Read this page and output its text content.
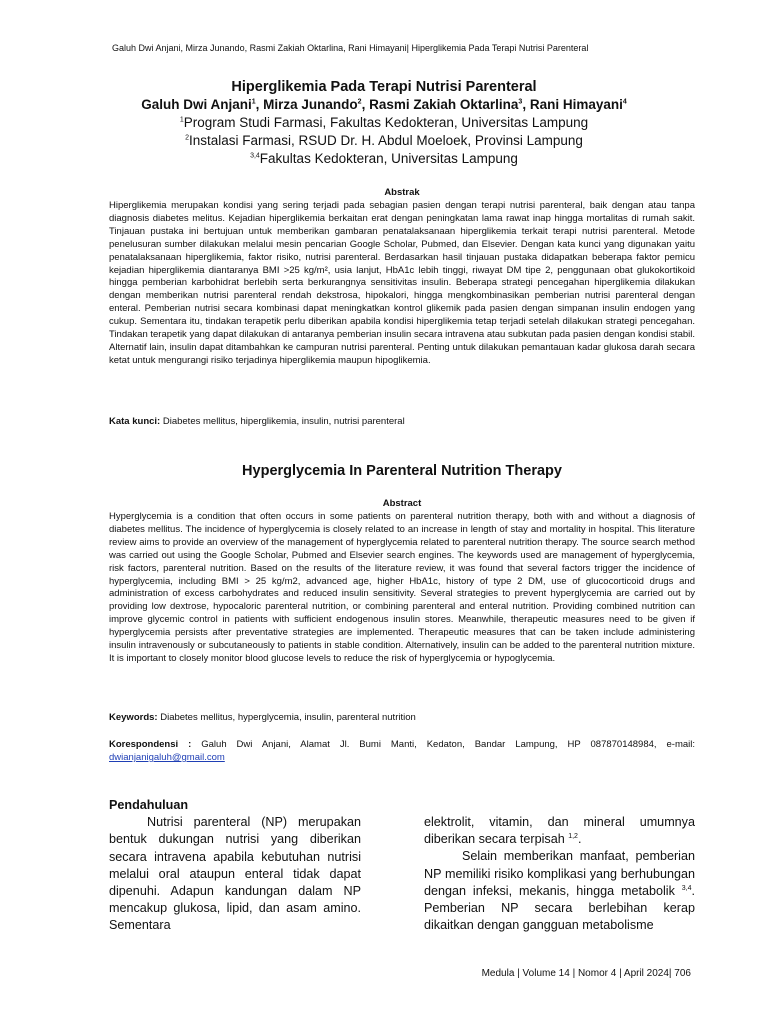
Galuh Dwi Anjani, Mirza Junando, Rasmi Zakiah Oktarlina, Rani Himayani| Hiperglikemia Pada Terapi Nutrisi Parenteral
Hiperglikemia Pada Terapi Nutrisi Parenteral
Galuh Dwi Anjani$^1$, Mirza Junando$^2$, Rasmi Zakiah Oktarlina$^3$, Rani Himayani$^4$
$^1$Program Studi Farmasi, Fakultas Kedokteran, Universitas Lampung
$^2$Instalasi Farmasi, RSUD Dr. H. Abdul Moeloek, Provinsi Lampung
$^{3,4}$Fakultas Kedokteran, Universitas Lampung
Abstrak

Hiperglikemia merupakan kondisi yang sering terjadi pada sebagian pasien dengan terapi nutrisi parenteral, baik dengan atau tanpa diagnosis diabetes melitus. Kejadian hiperglikemia berkaitan erat dengan peningkatan lama rawat inap hingga mortalitas di rumah sakit. Tinjauan pustaka ini bertujuan untuk memberikan gambaran penatalaksanaan hiperglikemia terkait terapi nutrisi parenteral. Metode penelusuran sumber dilakukan melalui mesin pencarian Google Scholar, Pubmed, dan Elsevier. Dengan kata kunci yang digunakan yaitu penatalaksanaan hiperglikemia, faktor risiko, nutrisi parenteral. Berdasarkan hasil tinjauan pustaka didapatkan beberapa faktor pemicu kejadian hiperglikemia diantaranya BMI >25 kg/m², usia lanjut, HbA1c lebih tinggi, riwayat DM tipe 2, penggunaan obat glukokortikoid hingga pemberian karbohidrat berlebih serta berkurangnya sensitivitas insulin. Beberapa strategi pencegahan hiperglikemia dilakukan dengan memberikan nutrisi parenteral rendah dekstrosa, hipokalori, hingga mengkombinasikan pemberian nutrisi parenteral dengan enteral. Pemberian nutrisi secara kombinasi dapat meningkatkan kontrol glikemik pada pasien dengan simpanan insulin endogen yang cukup. Sementara itu, tindakan terapetik perlu diberikan apabila kondisi hiperglikemia tetap terjadi setelah dilakukan strategi pencegahan. Tindakan terapetik yang dapat dilakukan di antaranya pemberian insulin secara intravena atau subkutan pada pasien dengan kondisi stabil. Alternatif lain, insulin dapat ditambahkan ke campuran nutrisi parenteral. Penting untuk dilakukan pemantauan kadar glukosa darah secara ketat untuk mengurangi risiko terjadinya hiperglikemia maupun hipoglikemia.

Kata kunci: Diabetes mellitus, hiperglikemia, insulin, nutrisi parenteral
Hyperglycemia In Parenteral Nutrition Therapy
Abstract

Hyperglycemia is a condition that often occurs in some patients on parenteral nutrition therapy, both with and without a diagnosis of diabetes mellitus. The incidence of hyperglycemia is closely related to an increase in length of stay and mortality in hospital. This literature review aims to provide an overview of the management of hyperglycemia related to parenteral nutrition therapy. The source search method was carried out using the Google Scholar, Pubmed and Elsevier search engines. The keywords used are management of hyperglycemia, risk factors, parenteral nutrition. Based on the results of the literature review, it was found that several factors trigger the incidence of hyperglycemia, including BMI > 25 kg/m2, advanced age, higher HbA1c, history of type 2 DM, use of glucocorticoid drugs and administration of excess carbohydrates and reduced insulin sensitivity. Several strategies to prevent hyperglycemia are carried out by providing low dextrose, hypocaloric parenteral nutrition, or combining parenteral and enteral nutrition. Providing combined nutrition can improve glycemic control in patients with sufficient endogenous insulin stores. Meanwhile, therapeutic measures need to be given if hyperglycemia persists after preventative strategies are implemented. Therapeutic measures that can be taken include administering insulin intravenously or subcutaneously to patients in stable condition. Alternatively, insulin can be added to the parenteral nutrition mixture. It is important to closely monitor blood glucose levels to reduce the risk of hyperglycemia or hypoglycemia.

Keywords: Diabetes mellitus, hyperglycemia, insulin, parenteral nutrition
Korespondensi : Galuh Dwi Anjani, Alamat Jl. Bumi Manti, Kedaton, Bandar Lampung, HP 087870148984, e-mail: dwianjanigaluh@gmail.com
Pendahuluan

Nutrisi parenteral (NP) merupakan bentuk dukungan nutrisi yang diberikan secara intravena apabila kebutuhan nutrisi melalui oral ataupun enteral tidak dapat dipenuhi. Adapun kandungan dalam NP mencakup glukosa, lipid, dan asam amino. Sementara

elektrolit, vitamin, dan mineral umumnya diberikan secara terpisah $^{1,2}$.

Selain memberikan manfaat, pemberian NP memiliki risiko komplikasi yang berhubungan dengan infeksi, mekanis, hingga metabolik $^{3,4}$. Pemberian NP secara berlebihan kerap dikaitkan dengan gangguan metabolisme

Medula | Volume 14 | Nomor 4 | April 2024| 706
